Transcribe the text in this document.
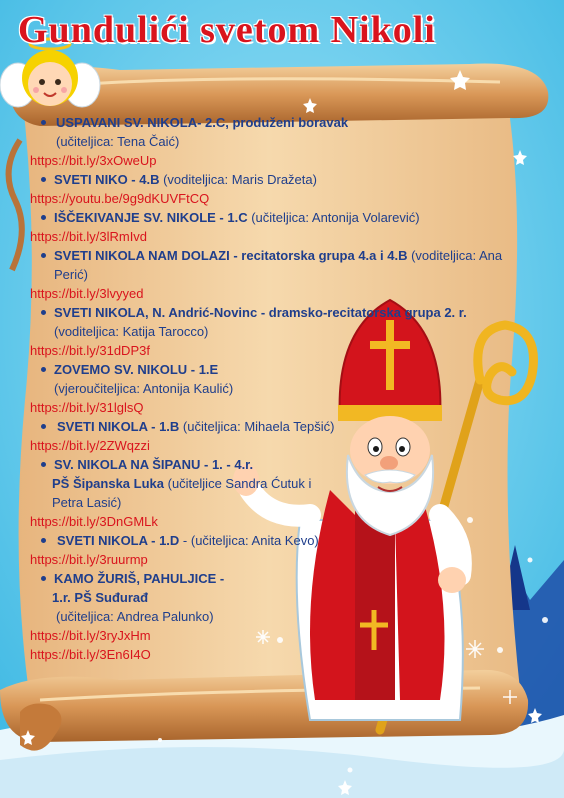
Gundulići svetom Nikoli
USPAVANI SV. NIKOLA- 2.C, produženi boravak
(učiteljica: Tena Čaić)
https://bit.ly/3xOweUp
SVETI NIKO - 4.B (voditeljica: Maris Dražeta)
https://youtu.be/9g9dKUVFtCQ
IŠČEKIVANJE SV. NIKOLE - 1.C (učiteljica: Antonija Volarević)
https://bit.ly/3lRmIvd
SVETI NIKOLA NAM DOLAZI - recitatorska grupa 4.a i 4.B (voditeljica: Ana
Perić)
https://bit.ly/3lvyyed
SVETI NIKOLA, N. Andrić-Novinc - dramsko-recitatorska grupa 2. r.
(voditeljica: Katija Tarocco)
https://bit.ly/31dDP3f
ZOVEMO SV. NIKOLU - 1.E
(vjeroučiteljica: Antonija Kaulić)
https://bit.ly/31lglsQ
SVETI NIKOLA - 1.B (učiteljica: Mihaela Tepšić)
https://bit.ly/2ZWqzzi
SV. NIKOLA NA ŠIPANU - 1. - 4.r.
PŠ Šipanska Luka (učiteljice Sandra Ćutuk i
Petra Lasić)
https://bit.ly/3DnGMLk
SVETI NIKOLA - 1.D - (učiteljica: Anita Kevo)
https://bit.ly/3ruurmp
KAMO ŽURIŠ, PAHULJICE -
1.r. PŠ Suđurađ
(učiteljica: Andrea Palunko)
https://bit.ly/3ryJxHm
https://bit.ly/3En6I4O
